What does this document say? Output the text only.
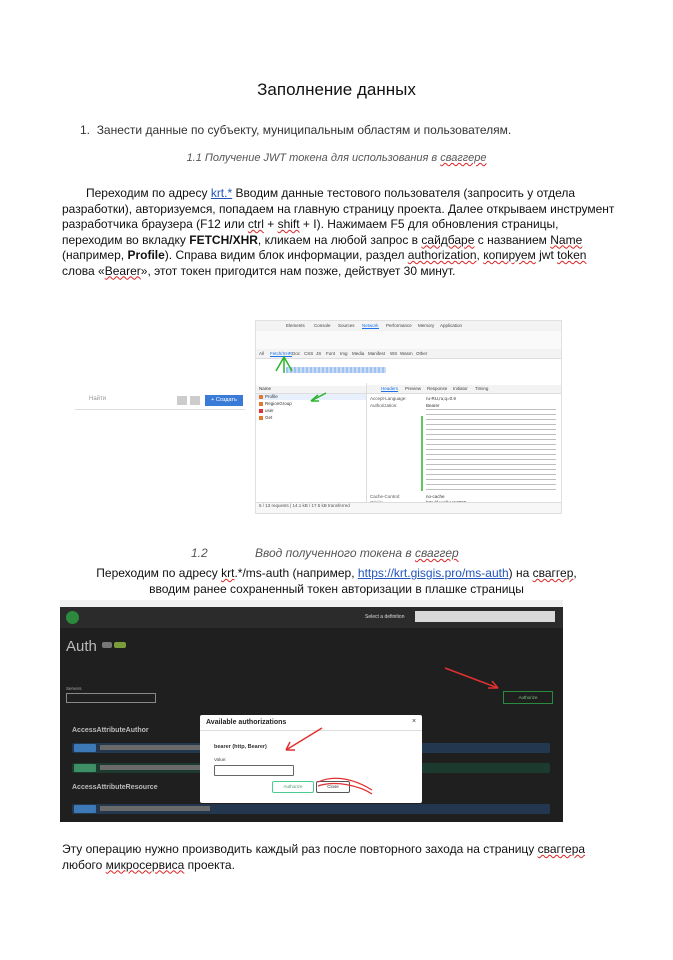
Заполнение данных
1. Занести данные по субъекту, муниципальным областям и пользователям.
1.1 Получение JWT токена для использования в сваггере

Переходим по адресу krt.* Вводим данные тестового пользователя (запросить у отдела разработки), авторизуемся, попадаем на главную страницу проекта. Далее открываем инструмент разработчика браузера (F12 или ctrl + shift + I). Нажимаем F5 для обновления страницы, переходим во вкладку FETCH/XHR, кликаем на любой запрос в сайдбаре с названием Name (например, Profile). Справа видим блок информации, раздел authorization, копируем jwt token слова «Bearer», этот токен пригодится нам позже, действует 30 минут.

Найти	+ Создать
Elements Console Sources Network Performance Memory Application
All Fetch/XHR Doc CSS JS Font Img Media Manifest WS Wasm Other
Name
Profile
RegionGroup
user
Get
Headers Preview Response Initiator Timing
Accept-Language:	ru-RU,ru;q=0.9
Authorization:	Bearer
Cache-Control:	no-cache
5 / 13 requests | 14.1 kB / 17.5 kB transferred
1.2	Ввод полученного токена в сваггер

Переходим по адресу krt.*/ms-auth (например, https://krt.gisgis.pro/ms-auth) на сваггер,

вводим ранее сохраненный токен авторизации в плашке страницы

Select a definition
Auth
Servers
Authorize
AccessAttributeAuthor
AccessAttributeResource
Available authorizations	×
bearer (http, Bearer)
Value:
Authorize	Close

Эту операцию нужно производить каждый раз после повторного захода на страницу сваггера любого микросервиса проекта.
